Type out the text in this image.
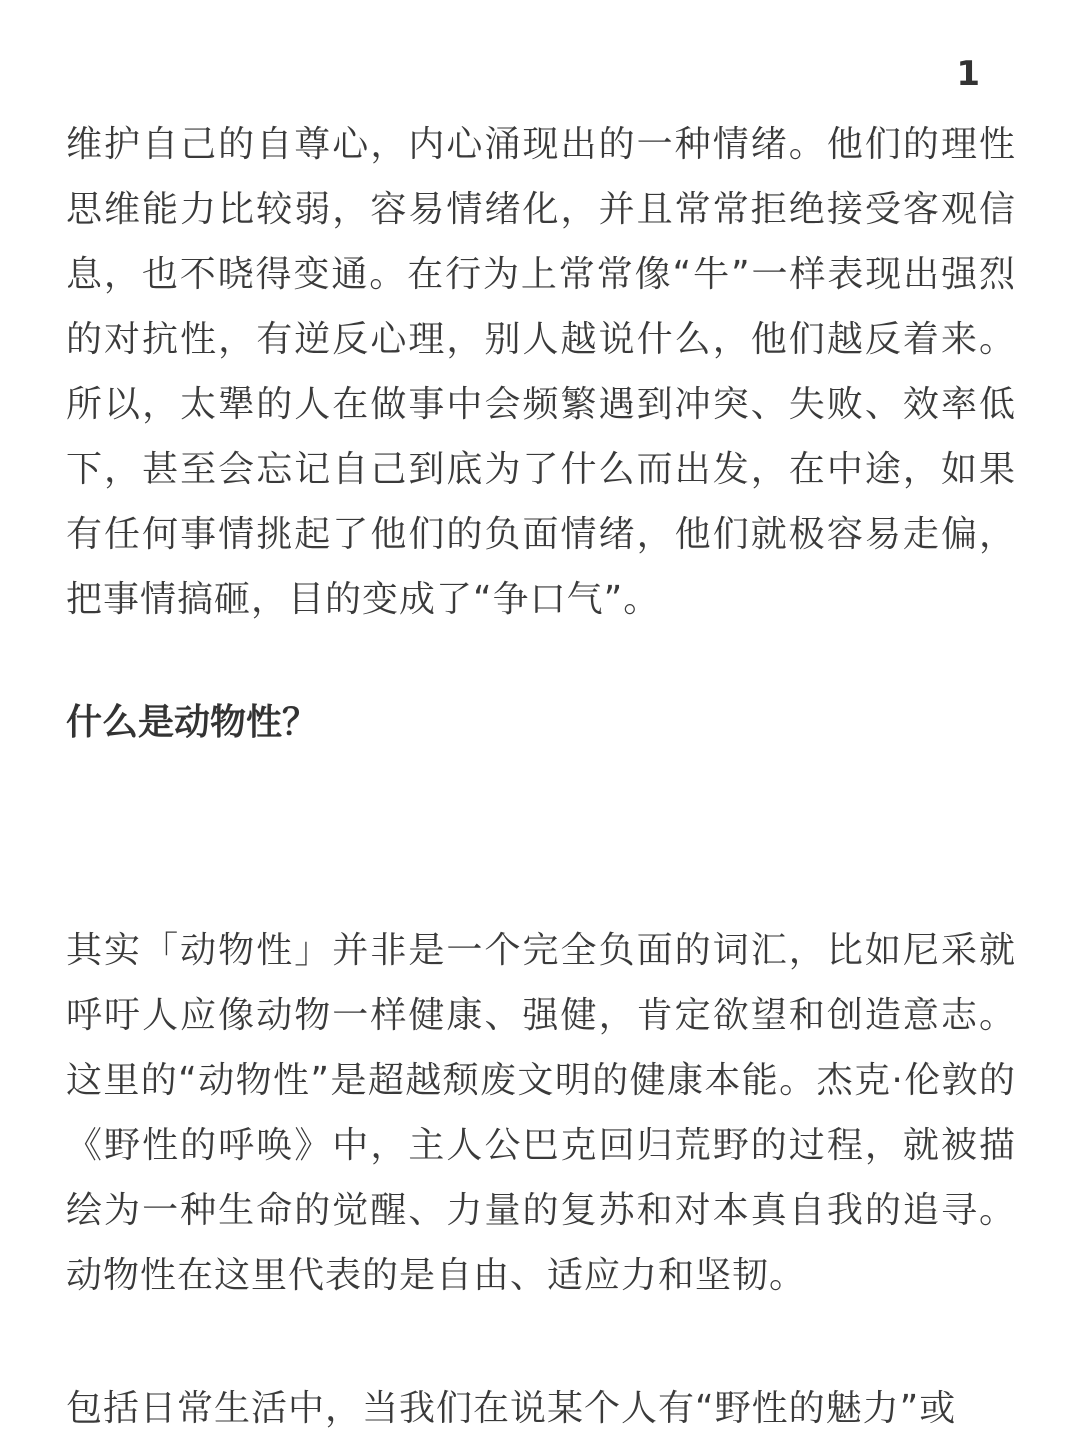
1

维护自己的自尊心，内心涌现出的一种情绪。他们的理性思维能力比较弱，容易情绪化，并且常常拒绝接受客观信息，也不晓得变通。在行为上常常像“牛”一样表现出强烈的对抗性，有逆反心理，别人越说什么，他们越反着来。所以，太犟的人在做事中会频繁遇到冲突、失败、效率低下，甚至会忘记自己到底为了什么而出发，在中途，如果有任何事情挑起了他们的负面情绪，他们就极容易走偏，把事情搞砸，目的变成了“争口气”。

什么是动物性？

其实「动物性」并非是一个完全负面的词汇，比如尼采就呼吁人应像动物一样健康、强健，肯定欲望和创造意志。这里的“动物性”是超越颓废文明的健康本能。杰克·伦敦的《野性的呼唤》中，主人公巴克回归荒野的过程，就被描绘为一种生命的觉醒、力量的复苏和对本真自我的追寻。动物性在这里代表的是自由、适应力和坚韧。

包括日常生活中，当我们在说某个人有“野性的魅力”或
